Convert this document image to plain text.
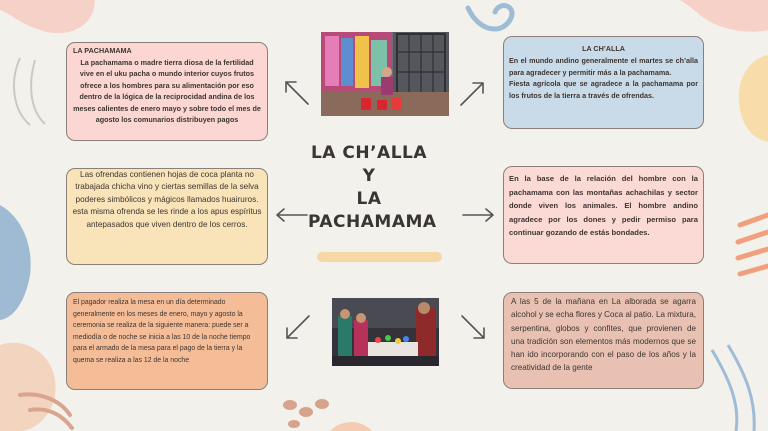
LA CH’ALLA
Y
LA
PACHAMAMA
LA PACHAMAMA
La pachamama o madre tierra diosa de la fertilidad vive en el uku pacha o mundo interior cuyos frutos ofrece a los hombres para su alimentación por eso dentro de la lógica de la reciprocidad andina de los meses calientes de enero mayo y sobre todo el mes de agosto los comunarios distribuyen pagos
LA CH’ALLA
En el mundo andino generalmente el martes se ch’alla para agradecer y permitir más a la pachamama.
Fiesta agrícola que se agradece a la pachamama por los frutos de la tierra a través de ofrendas.
Las ofrendas contienen hojas de coca planta no trabajada chicha vino y ciertas semillas de la selva poderes simbólicos y mágicos llamados huairuros.
esta misma ofrenda se les rinde a los apus espíritus antepasados que viven dentro de los cerros.
En la base de la relación del hombre con la pachamama con las montañas achachilas y sector donde viven los animales. El hombre andino agradece por los dones y pedir permiso para continuar gozando de estás bondades.
El pagador realiza la mesa en un día determinado generalmente en los meses de enero, mayo y agosto la ceremonia se realiza de la siguiente manera: puede ser a mediodía o de noche se inicia a las 10 de la noche tiempo para el armado de la mesa para el pago de la tierra y la quema se realiza a las 12 de la noche
A las 5 de la mañana en La alborada se agarra alcohol y se echa flores y Coca al patio. La mixtura, serpentina, globos y confites, que provienen de una tradición son elementos más modernos que se han ido incorporando con el paso de los años y la creatividad de la gente
